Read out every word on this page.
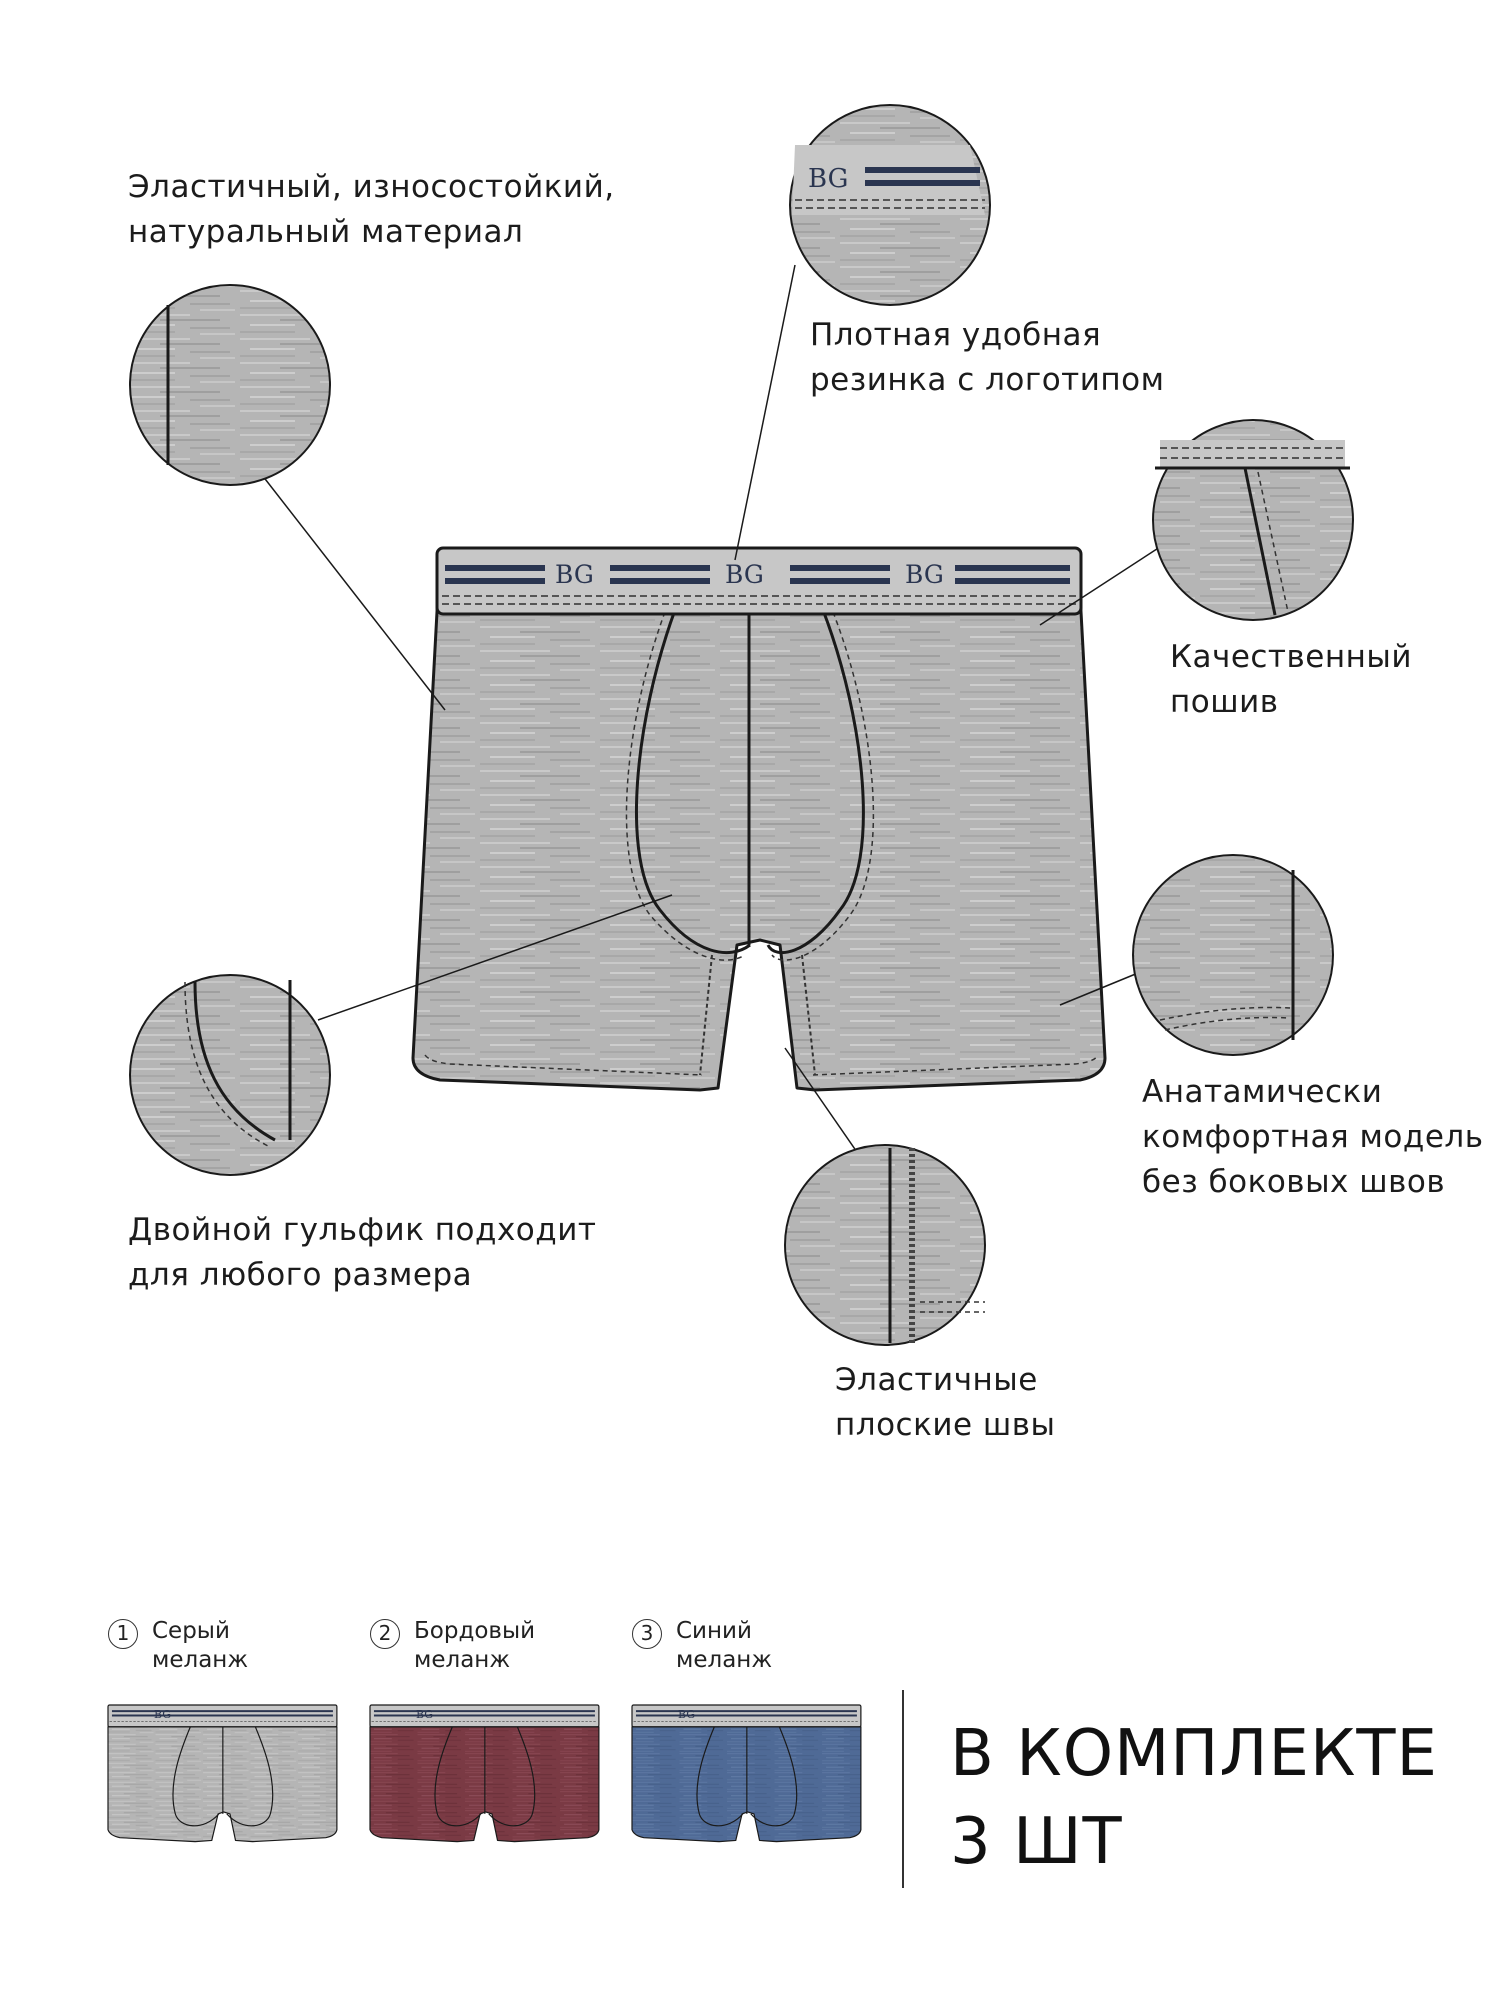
BG
BG	BG	BG
Эластичный, износостойкий,
натуральный материал
Плотная удобная
резинка с логотипом
Качественный
пошив
Анатамически
комфортная модель
без боковых швов
Двойной гульфик подходит
для любого размера
Эластичные
плоские швы
1 Серый
меланж
2 Бордовый
меланж
3 Синий
меланж
BG	BG	BG
В КОМПЛЕКТЕ
3 ШТ
